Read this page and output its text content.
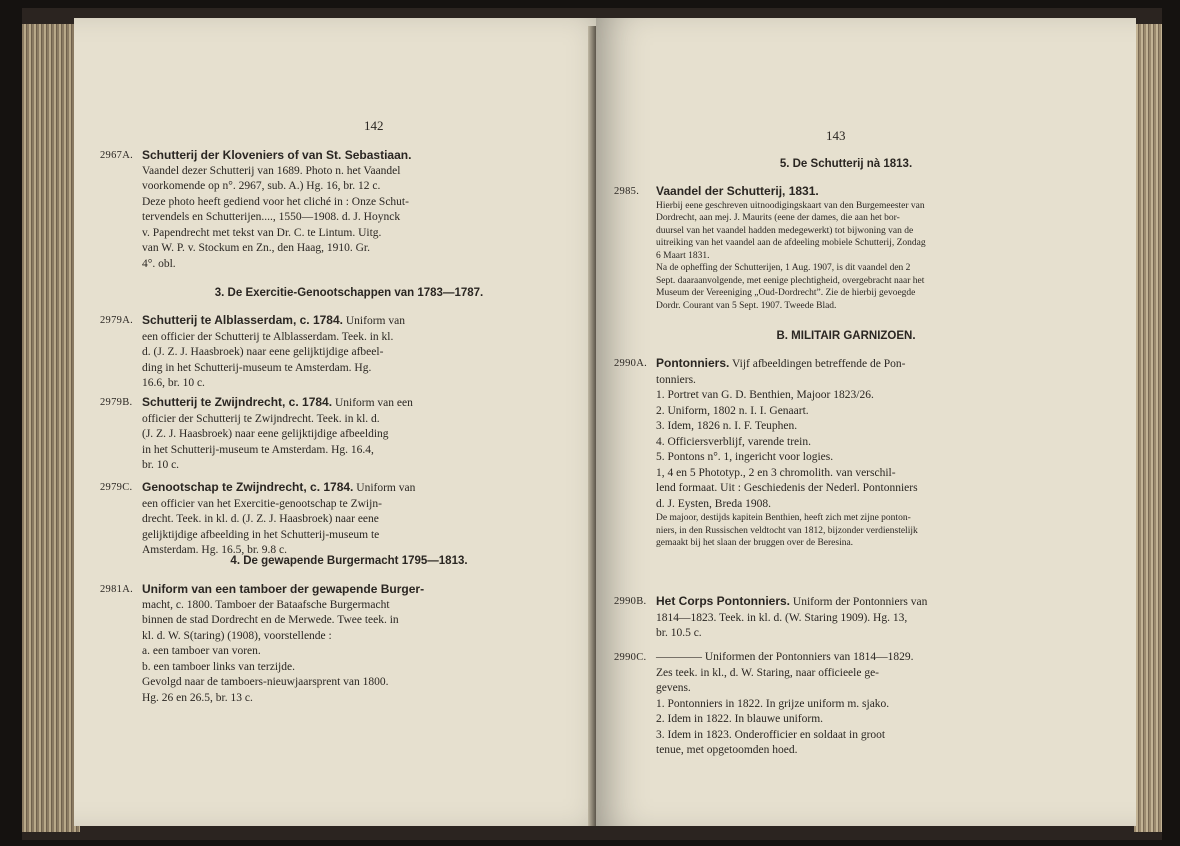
142
2967A. Schutterij der Kloveniers of van St. Sebastiaan.
Vaandel dezer Schutterij van 1689. Photo n. het Vaandel
voorkomende op n°. 2967, sub. A.) Hg. 16, br. 12 c.
Deze photo heeft gediend voor het cliché in : Onze Schut-
tervendels en Schutterijen...., 1550—1908. d. J. Hoynck
v. Papendrecht met tekst van Dr. C. te Lintum. Uitg.
van W. P. v. Stockum en Zn., den Haag, 1910. Gr.
4°. obl.
3. De Exercitie-Genootschappen van 1783—1787.
2979A. Schutterij te Alblasserdam, c. 1784. Uniform van
een officier der Schutterij te Alblasserdam. Teek. in kl.
d. (J. Z. J. Haasbroek) naar eene gelijktijdige afbeel-
ding in het Schutterij-museum te Amsterdam. Hg.
16.6, br. 10 c.
2979B. Schutterij te Zwijndrecht, c. 1784. Uniform van een
officier der Schutterij te Zwijndrecht. Teek. in kl. d.
(J. Z. J. Haasbroek) naar eene gelijktijdige afbeelding
in het Schutterij-museum te Amsterdam. Hg. 16.4,
br. 10 c.
2979C. Genootschap te Zwijndrecht, c. 1784. Uniform van
een officier van het Exercitie-genootschap te Zwijn-
drecht. Teek. in kl. d. (J. Z. J. Haasbroek) naar eene
gelijktijdige afbeelding in het Schutterij-museum te
Amsterdam. Hg. 16.5, br. 9.8 c.
4. De gewapende Burgermacht 1795—1813.
2981A. Uniform van een tamboer der gewapende Burger-
macht, c. 1800. Tamboer der Bataafsche Burgermacht
binnen de stad Dordrecht en de Merwede. Twee teek. in
kl. d. W. S(taring) (1908), voorstellende :
a. een tamboer van voren.
b. een tamboer links van terzijde.
Gevolgd naar de tamboers-nieuwjaarsprent van 1800.
Hg. 26 en 26.5, br. 13 c.
143
5. De Schutterij nà 1813.
2985. Vaandel der Schutterij, 1831.
Hierbij eene geschreven uitnoodigingskaart van den Burgemeester van
Dordrecht, aan mej. J. Maurits (eene der dames, die aan het bor-
duursel van het vaandel hadden medegewerkt) tot bijwoning van de
uitreiking van het vaandel aan de afdeeling mobiele Schutterij, Zondag
6 Maart 1831.
Na de opheffing der Schutterijen, 1 Aug. 1907, is dit vaandel den 2
Sept. daaraanvolgende, met eenige plechtigheid, overgebracht naar het
Museum der Vereeniging „Oud-Dordrecht”. Zie de hierbij gevoegde
Dordr. Courant van 5 Sept. 1907. Tweede Blad.
B. MILITAIR GARNIZOEN.
2990A. Pontonniers. Vijf afbeeldingen betreffende de Pon-
tonniers.
1. Portret van G. D. Benthien, Majoor 1823/26.
2. Uniform, 1802 n. I. I. Genaart.
3. Idem, 1826 n. I. F. Teuphen.
4. Officiersverblijf, varende trein.
5. Pontons n°. 1, ingericht voor logies.
1, 4 en 5 Phototyp., 2 en 3 chromolith. van verschil-
lend formaat. Uit : Geschiedenis der Nederl. Pontonniers
d. J. Eysten, Breda 1908.
De majoor, destijds kapitein Benthien, heeft zich met zijne ponton-
niers, in den Russischen veldtocht van 1812, bijzonder verdienstelijk
gemaakt bij het slaan der bruggen over de Beresina.
2990B. Het Corps Pontonniers. Uniform der Pontonniers van
1814—1823. Teek. in kl. d. (W. Staring 1909). Hg. 13,
br. 10.5 c.
2990C. ———— Uniformen der Pontonniers van 1814—1829.
Zes teek. in kl., d. W. Staring, naar officieele ge-
gevens.
1. Pontonniers in 1822. In grijze uniform m. sjako.
2. Idem in 1822. In blauwe uniform.
3. Idem in 1823. Onderofficier en soldaat in groot
tenue, met opgetoomden hoed.
